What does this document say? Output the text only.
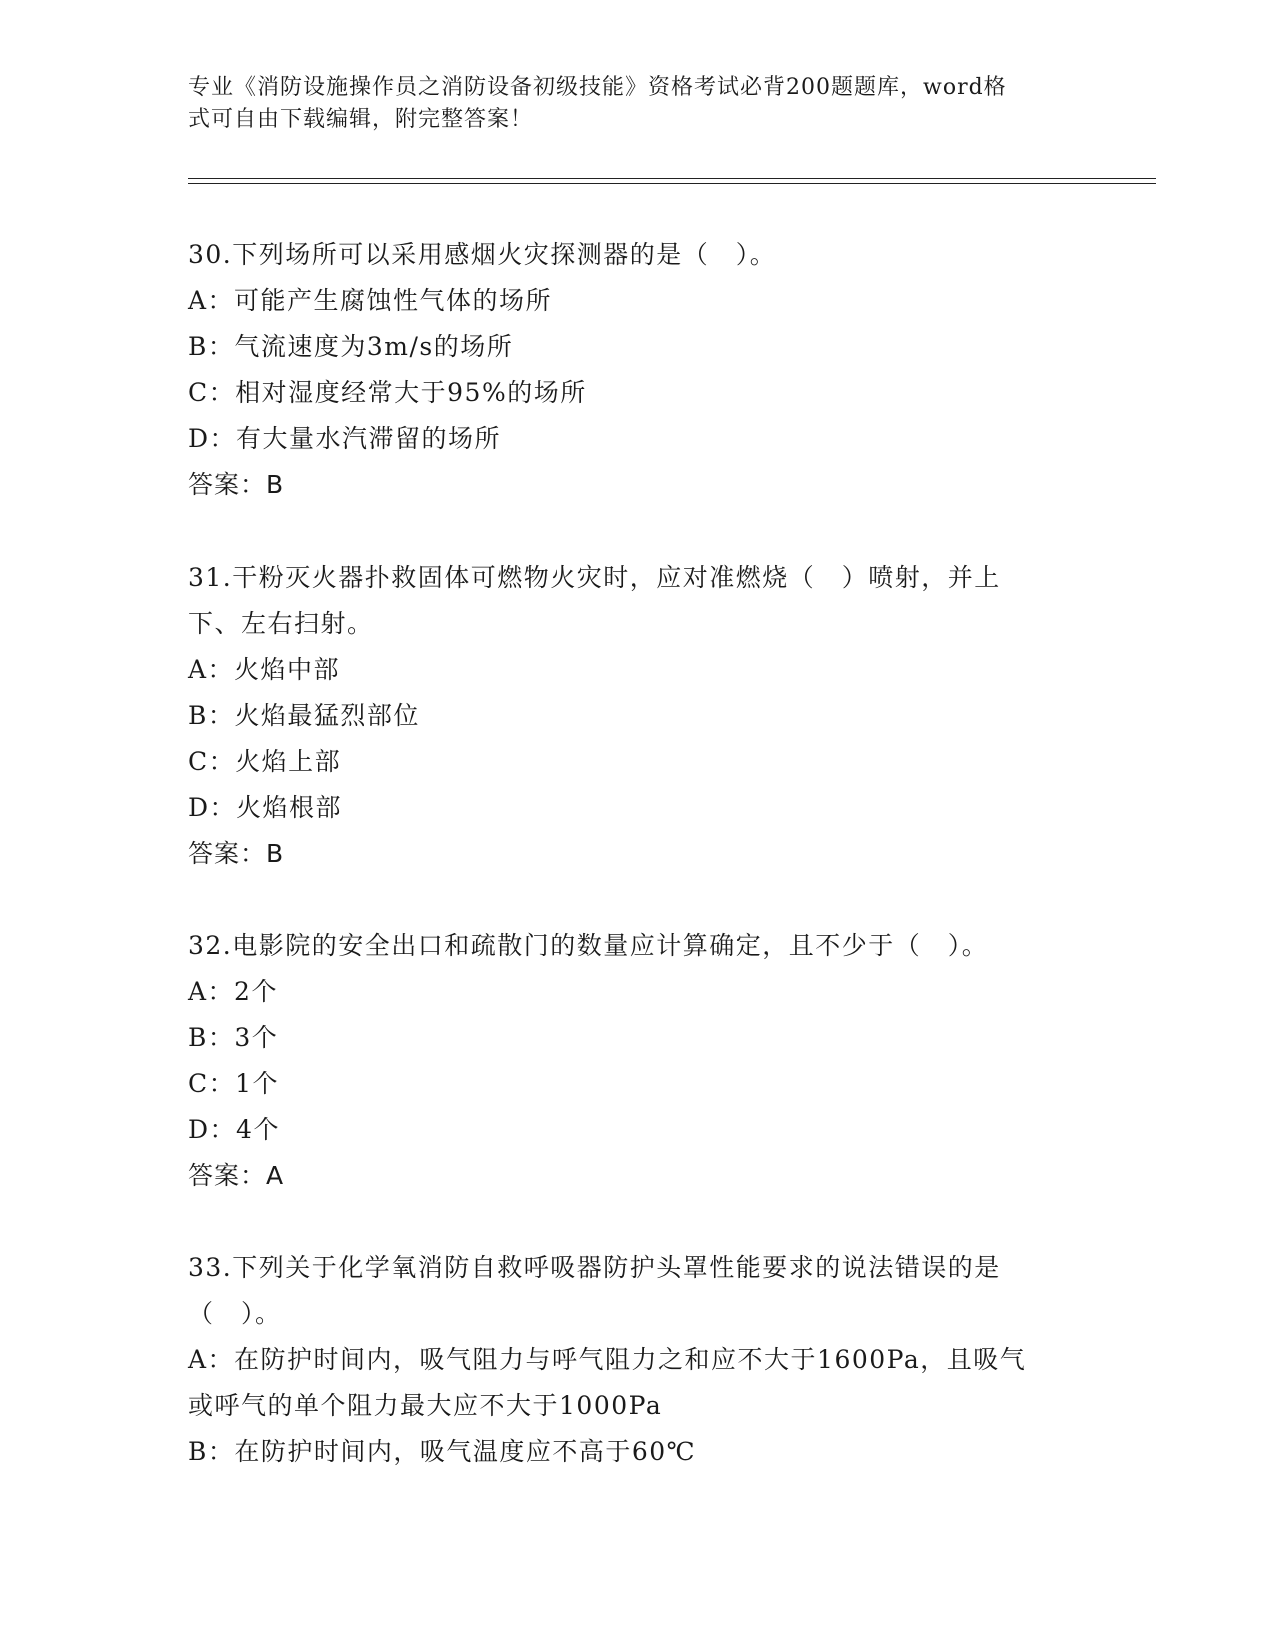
专业《消防设施操作员之消防设备初级技能》资格考试必背200题题库，word格
式可自由下载编辑，附完整答案！

30.下列场所可以采用感烟火灾探测器的是（　）。

A：可能产生腐蚀性气体的场所

B：气流速度为3m/s的场所

C：相对湿度经常大于95%的场所

D：有大量水汽滞留的场所

答案：B

31.干粉灭火器扑救固体可燃物火灾时，应对准燃烧（　）喷射，并上

下、左右扫射。

A：火焰中部

B：火焰最猛烈部位

C：火焰上部

D：火焰根部

答案：B

32.电影院的安全出口和疏散门的数量应计算确定，且不少于（　）。

A：2个

B：3个

C：1个

D：4个

答案：A

33.下列关于化学氧消防自救呼吸器防护头罩性能要求的说法错误的是

（　）。

A：在防护时间内，吸气阻力与呼气阻力之和应不大于1600Pa，且吸气

或呼气的单个阻力最大应不大于1000Pa

B：在防护时间内，吸气温度应不高于60℃
